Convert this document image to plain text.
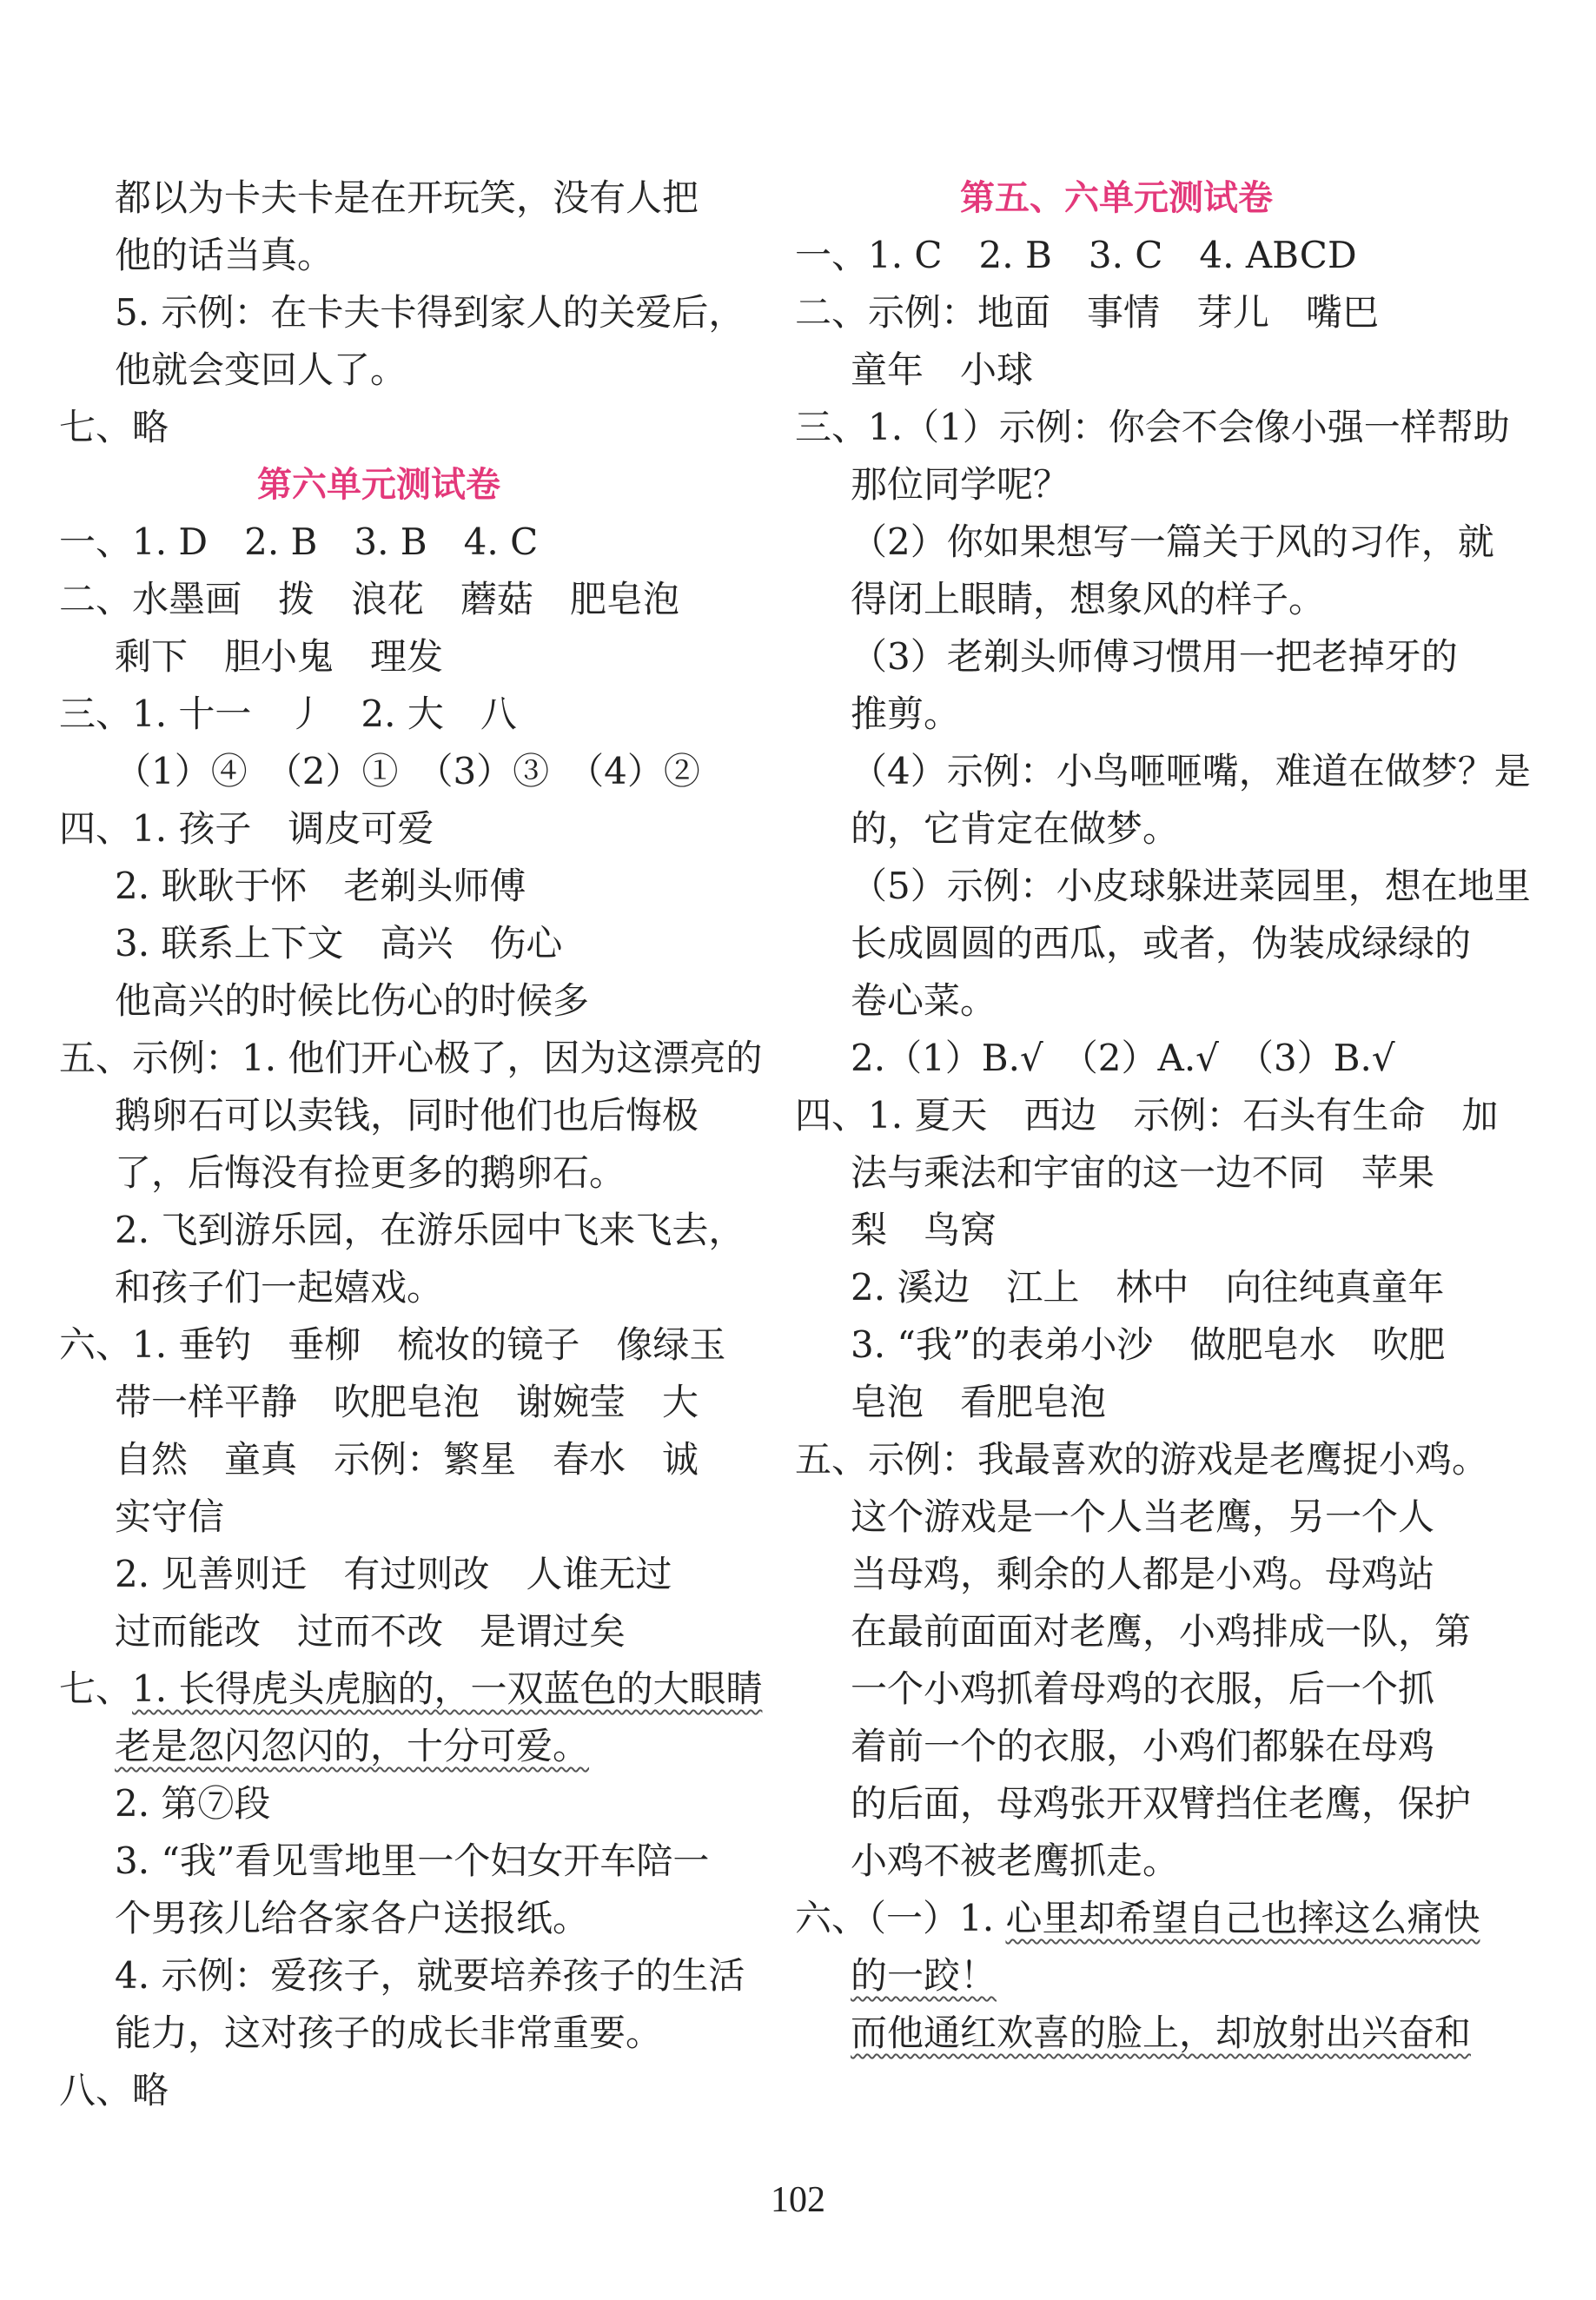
都以为卡夫卡是在开玩笑，没有人把
他的话当真。
5. 示例：在卡夫卡得到家人的关爱后，
他就会变回人了。
七、略
第六单元测试卷
一、1. D　2. B　3. B　4. C
二、水墨画　拨　浪花　蘑菇　肥皂泡
剩下　胆小鬼　理发
三、1. 十一　丿　2. 大　八
（1）④　（2）①　（3）③　（4）②
四、1. 孩子　调皮可爱
2. 耿耿于怀　老剃头师傅
3. 联系上下文　高兴　伤心
他高兴的时候比伤心的时候多
五、示例：1. 他们开心极了，因为这漂亮的
鹅卵石可以卖钱，同时他们也后悔极
了，后悔没有捡更多的鹅卵石。
2. 飞到游乐园，在游乐园中飞来飞去，
和孩子们一起嬉戏。
六、1. 垂钓　垂柳　梳妆的镜子　像绿玉
带一样平静　吹肥皂泡　谢婉莹　大
自然　童真　示例：繁星　春水　诚
实守信
2. 见善则迁　有过则改　人谁无过
过而能改　过而不改　是谓过矣
七、1. 长得虎头虎脑的，一双蓝色的大眼睛
老是忽闪忽闪的，十分可爱。
2. 第⑦段
3. “我”看见雪地里一个妇女开车陪一
个男孩儿给各家各户送报纸。
4. 示例：爱孩子，就要培养孩子的生活
能力，这对孩子的成长非常重要。
八、略
第五、六单元测试卷
一、1. C　2. B　3. C　4. ABCD
二、示例：地面　事情　芽儿　嘴巴
童年　小球
三、1.（1）示例：你会不会像小强一样帮助
那位同学呢？
（2）你如果想写一篇关于风的习作，就
得闭上眼睛，想象风的样子。
（3）老剃头师傅习惯用一把老掉牙的
推剪。
（4）示例：小鸟咂咂嘴，难道在做梦？是
的，它肯定在做梦。
（5）示例：小皮球躲进菜园里，想在地里
长成圆圆的西瓜，或者，伪装成绿绿的
卷心菜。
2.（1）B.√　（2）A.√　（3）B.√
四、1. 夏天　西边　示例：石头有生命　加
法与乘法和宇宙的这一边不同　苹果
梨　鸟窝
2. 溪边　江上　林中　向往纯真童年
3. “我”的表弟小沙　做肥皂水　吹肥
皂泡　看肥皂泡
五、示例：我最喜欢的游戏是老鹰捉小鸡。
这个游戏是一个人当老鹰，另一个人
当母鸡，剩余的人都是小鸡。母鸡站
在最前面面对老鹰，小鸡排成一队，第
一个小鸡抓着母鸡的衣服，后一个抓
着前一个的衣服，小鸡们都躲在母鸡
的后面，母鸡张开双臂挡住老鹰，保护
小鸡不被老鹰抓走。
六、（一）1. 心里却希望自己也摔这么痛快
的一跤！
而他通红欢喜的脸上，却放射出兴奋和
102
